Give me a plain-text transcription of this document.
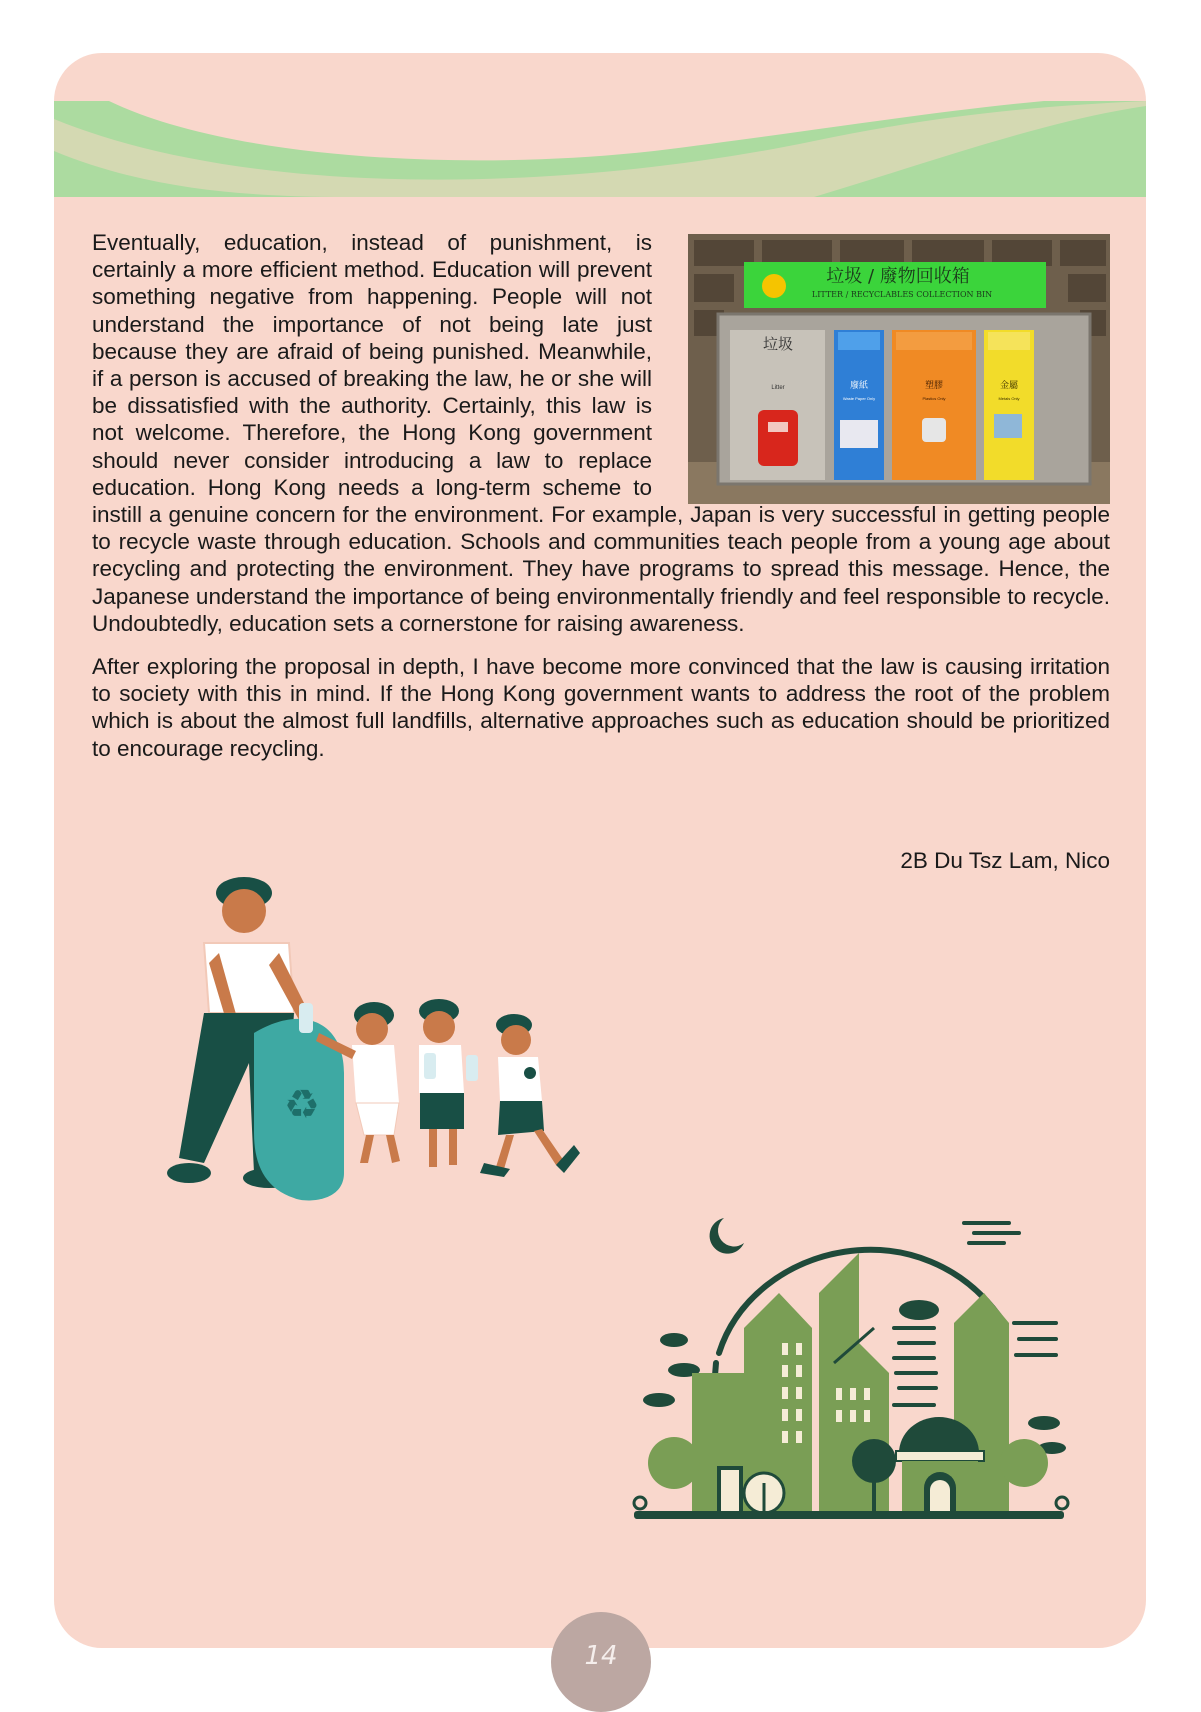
垃圾 / 廢物回收箱
LITTER / RECYCLABLES COLLECTION BIN
垃圾
Litter	廢紙
Waste Paper Only
塑膠
Plastics Only
金屬
Metals Only

Eventually, education, instead of punishment, is certainly a more efficient method. Education will prevent something negative from happening. People will not understand the importance of not being late just because they are afraid of being punished. Meanwhile, if a person is accused of breaking the law, he or she will be dissatisfied with the authority. Certainly, this law is not welcome. Therefore, the Hong Kong government should never consider introducing a law to replace education. Hong Kong needs a long-term scheme to instill a genuine concern for the environment. For example, Japan is very successful in getting people to recycle waste through education. Schools and communities teach people from a young age about recycling and protecting the environment. They have programs to spread this message. Hence, the Japanese understand the importance of being environmentally friendly and feel responsible to recycle. Undoubtedly, education sets a cornerstone for raising awareness.

After exploring the proposal in depth, I have become more convinced that the law is causing irritation to society with this in mind. If the Hong Kong government wants to address the root of the problem which is about the almost full landfills, alternative approaches such as education should be prioritized to encourage recycling.

2B Du Tsz Lam, Nico
♻
14
